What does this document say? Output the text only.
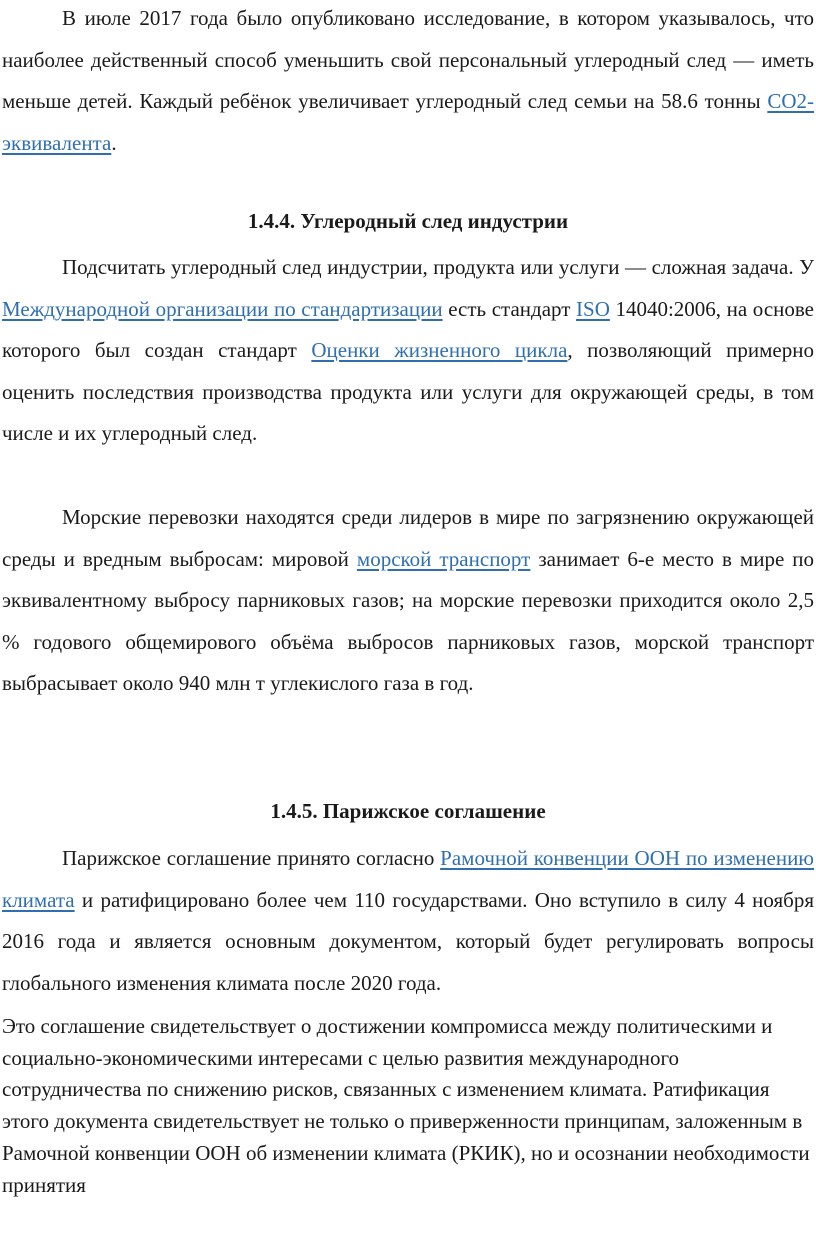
В июле 2017 года было опубликовано исследование, в котором указывалось, что наиболее действенный способ уменьшить свой персональный углеродный след — иметь меньше детей. Каждый ребёнок увеличивает углеродный след семьи на 58.6 тонны CO2-эквивалента.

1.4.4. Углеродный след индустрии

Подсчитать углеродный след индустрии, продукта или услуги — сложная задача. У Международной организации по стандартизации есть стандарт ISO 14040:2006, на основе которого был создан стандарт Оценки жизненного цикла, позволяющий примерно оценить последствия производства продукта или услуги для окружающей среды, в том числе и их углеродный след.

Морские перевозки находятся среди лидеров в мире по загрязнению окружающей среды и вредным выбросам: мировой морской транспорт занимает 6-е место в мире по эквивалентному выбросу парниковых газов; на морские перевозки приходится около 2,5 % годового общемирового объёма выбросов парниковых газов, морской транспорт выбрасывает около 940 млн т углекислого газа в год.

1.4.5. Парижское соглашение

Парижское соглашение принято согласно Рамочной конвенции ООН по изменению климата и ратифицировано более чем 110 государствами. Оно вступило в силу 4 ноября 2016 года и является основным документом, который будет регулировать вопросы глобального изменения климата после 2020 года.

Это соглашение свидетельствует о достижении компромисса между политическими и социально-экономическими интересами с целью развития международного сотрудничества по снижению рисков, связанных с изменением климата. Ратификация этого документа свидетельствует не только о приверженности принципам, заложенным в Рамочной конвенции ООН об изменении климата (РКИК), но и осознании необходимости принятия
